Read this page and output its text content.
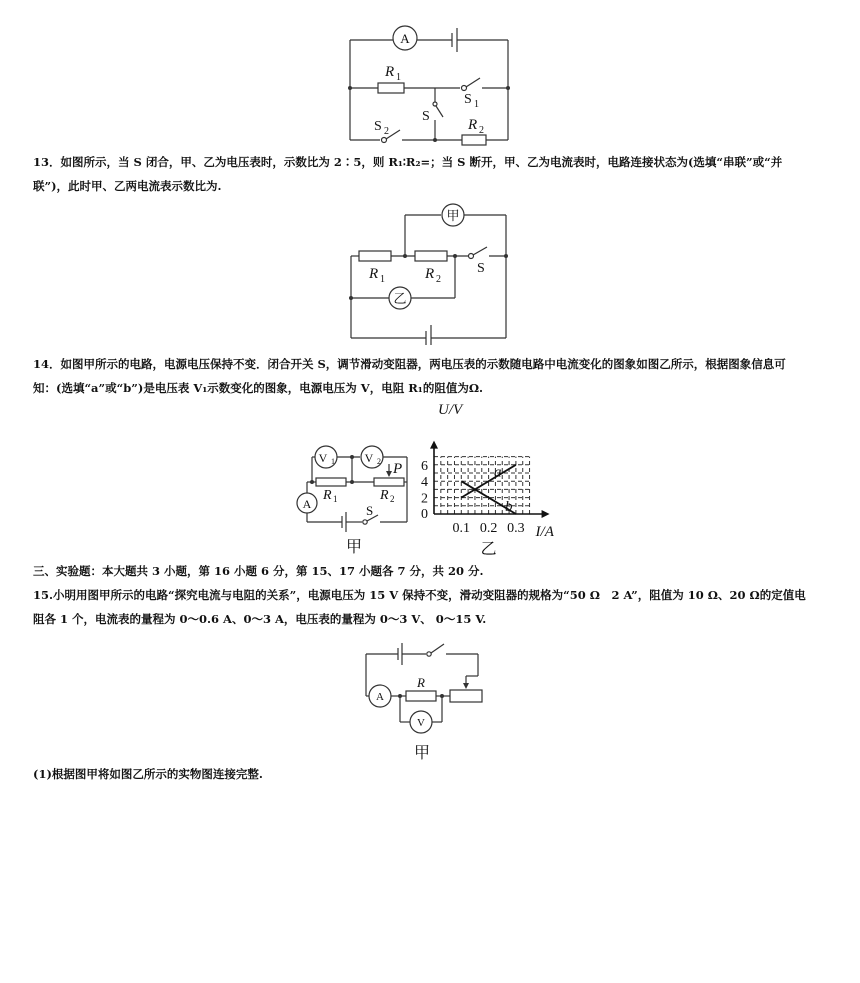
A
R 1
S 1
S
S 2	R 2
13．如图所示，当 S 闭合，甲、乙为电压表时，示数比为 2∶5，则 R₁∶R₂=；当 S 断开，甲、乙为电流表时，电路连接状态为(选填“串联”或“并
联”)，此时甲、乙两电流表示数比为.
甲
R 1	R 2
S
乙
14．如图甲所示的电路，电源电压保持不变．闭合开关 S，调节滑动变阻器，两电压表的示数随电路中电流变化的图象如图乙所示，根据图象信息可
知：(选填“a”或“b”)是电压表 V₁示数变化的图象，电源电压为 V，电阻 R₁的阻值为Ω.
V 1 V 2 P
R 1	R 2
A	S
甲
a
b
0.1 0.2 0.3
2
4
6
0
I/A
U/V
乙
三、实验题：本大题共 3 小题，第 16 小题 6 分，第 15、17 小题各 7 分，共 20 分.
15.小明用图甲所示的电路“探究电流与电阻的关系”，电源电压为 15 V 保持不变，滑动变阻器的规格为“50 Ω　2 A”，阻值为 10 Ω、20 Ω的定值电
阻各 1 个，电流表的量程为 0～0.6 A、0～3 A，电压表的量程为 0～3 V、 0～15 V.
A
R
V
甲
(1)根据图甲将如图乙所示的实物图连接完整.
